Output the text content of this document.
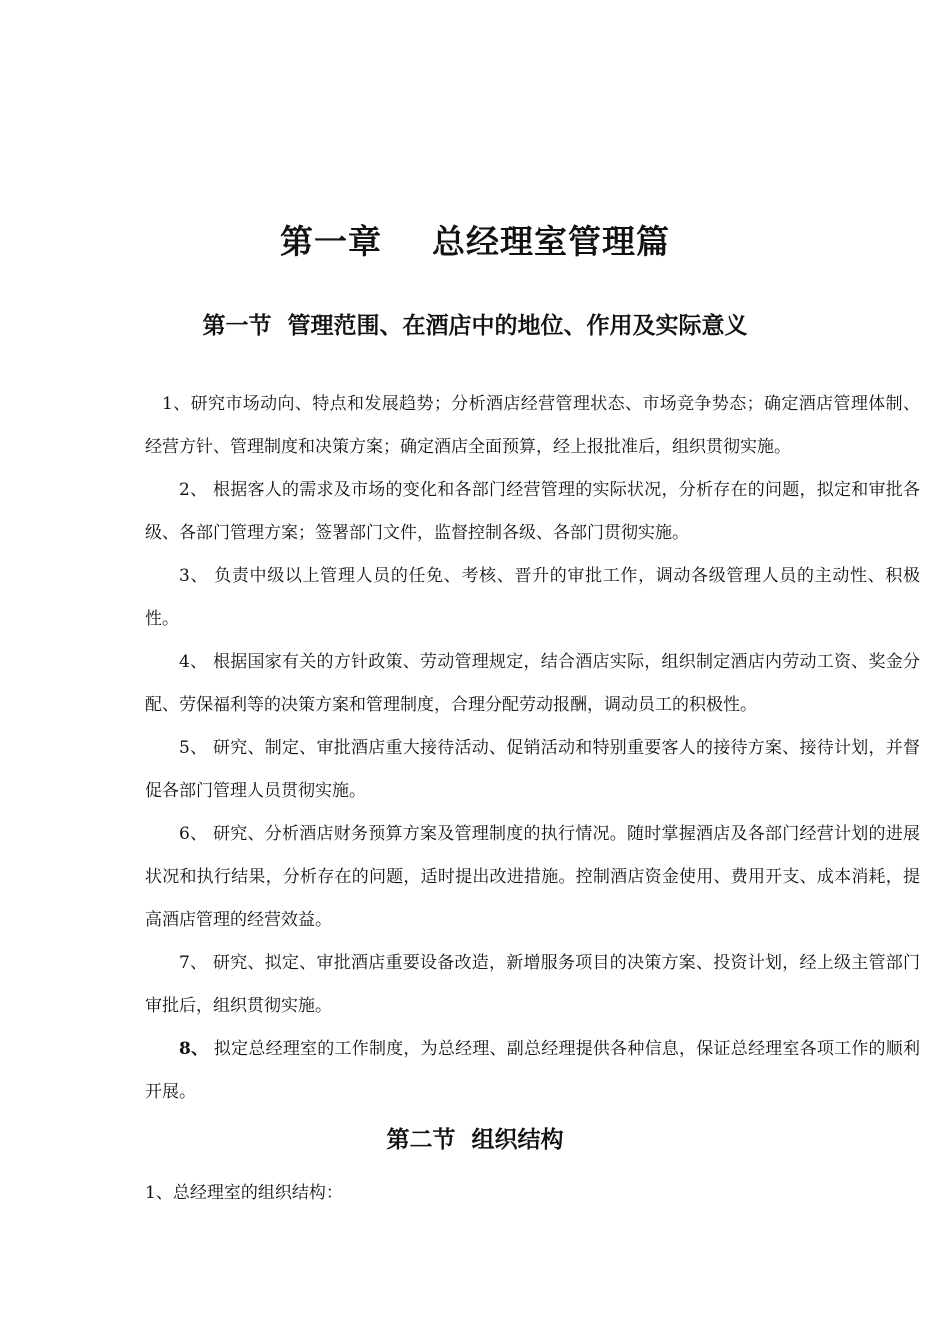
第一章    总经理室管理篇
第一节  管理范围、在酒店中的地位、作用及实际意义

1、研究市场动向、特点和发展趋势；分析酒店经营管理状态、市场竞争势态；确定酒店管理体制、经营方针、管理制度和决策方案；确定酒店全面预算，经上报批准后，组织贯彻实施。

2、 根据客人的需求及市场的变化和各部门经营管理的实际状况，分析存在的问题，拟定和审批各级、各部门管理方案；签署部门文件，监督控制各级、各部门贯彻实施。

3、 负责中级以上管理人员的任免、考核、晋升的审批工作，调动各级管理人员的主动性、积极性。

4、 根据国家有关的方针政策、劳动管理规定，结合酒店实际，组织制定酒店内劳动工资、奖金分配、劳保福利等的决策方案和管理制度，合理分配劳动报酬，调动员工的积极性。

5、 研究、制定、审批酒店重大接待活动、促销活动和特别重要客人的接待方案、接待计划，并督促各部门管理人员贯彻实施。

6、 研究、分析酒店财务预算方案及管理制度的执行情况。随时掌握酒店及各部门经营计划的进展状况和执行结果，分析存在的问题，适时提出改进措施。控制酒店资金使用、费用开支、成本消耗，提高酒店管理的经营效益。

7、 研究、拟定、审批酒店重要设备改造，新增服务项目的决策方案、投资计划，经上级主管部门审批后，组织贯彻实施。

8、 拟定总经理室的工作制度，为总经理、副总经理提供各种信息，保证总经理室各项工作的顺利开展。

第二节  组织结构
1、总经理室的组织结构：
